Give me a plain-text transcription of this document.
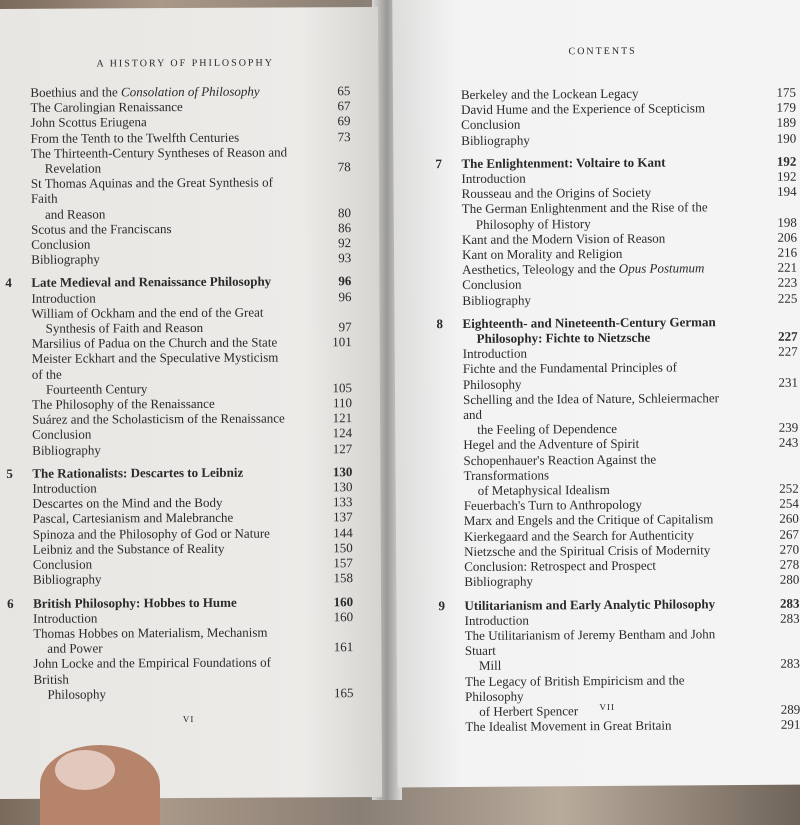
A HISTORY OF PHILOSOPHY
Boethius and the Consolation of Philosophy	65
The Carolingian Renaissance	67
John Scottus Eriugena	69
From the Tenth to the Twelfth Centuries	73
The Thirteenth-Century Syntheses of Reason and
Revelation	78
St Thomas Aquinas and the Great Synthesis of Faith
and Reason	80
Scotus and the Franciscans	86
Conclusion	92
Bibliography	93
4 Late Medieval and Renaissance Philosophy	96
Introduction	96
William of Ockham and the end of the Great
Synthesis of Faith and Reason	97
Marsilius of Padua on the Church and the State	101
Meister Eckhart and the Speculative Mysticism of the
Fourteenth Century	105
The Philosophy of the Renaissance	110
Suárez and the Scholasticism of the Renaissance	121
Conclusion	124
Bibliography	127
5 The Rationalists: Descartes to Leibniz	130
Introduction	130
Descartes on the Mind and the Body	133
Pascal, Cartesianism and Malebranche	137
Spinoza and the Philosophy of God or Nature	144
Leibniz and the Substance of Reality	150
Conclusion	157
Bibliography	158
6 British Philosophy: Hobbes to Hume	160
Introduction	160
Thomas Hobbes on Materialism, Mechanism
and Power	161
John Locke and the Empirical Foundations of British
Philosophy	165
VI
CONTENTS
Berkeley and the Lockean Legacy	175
David Hume and the Experience of Scepticism	179
Conclusion	189
Bibliography	190
7 The Enlightenment: Voltaire to Kant	192
Introduction	192
Rousseau and the Origins of Society	194
The German Enlightenment and the Rise of the
Philosophy of History	198
Kant and the Modern Vision of Reason	206
Kant on Morality and Religion	216
Aesthetics, Teleology and the Opus Postumum	221
Conclusion	223
Bibliography	225
8 Eighteenth- and Nineteenth-Century German
Philosophy: Fichte to Nietzsche	227
Introduction	227
Fichte and the Fundamental Principles of Philosophy	231
Schelling and the Idea of Nature, Schleiermacher and
the Feeling of Dependence	239
Hegel and the Adventure of Spirit	243
Schopenhauer's Reaction Against the Transformations
of Metaphysical Idealism	252
Feuerbach's Turn to Anthropology	254
Marx and Engels and the Critique of Capitalism	260
Kierkegaard and the Search for Authenticity	267
Nietzsche and the Spiritual Crisis of Modernity	270
Conclusion: Retrospect and Prospect	278
Bibliography	280
9 Utilitarianism and Early Analytic Philosophy	283
Introduction	283
The Utilitarianism of Jeremy Bentham and John Stuart
Mill	283
The Legacy of British Empiricism and the Philosophy
of Herbert Spencer	289
The Idealist Movement in Great Britain	291
VII
